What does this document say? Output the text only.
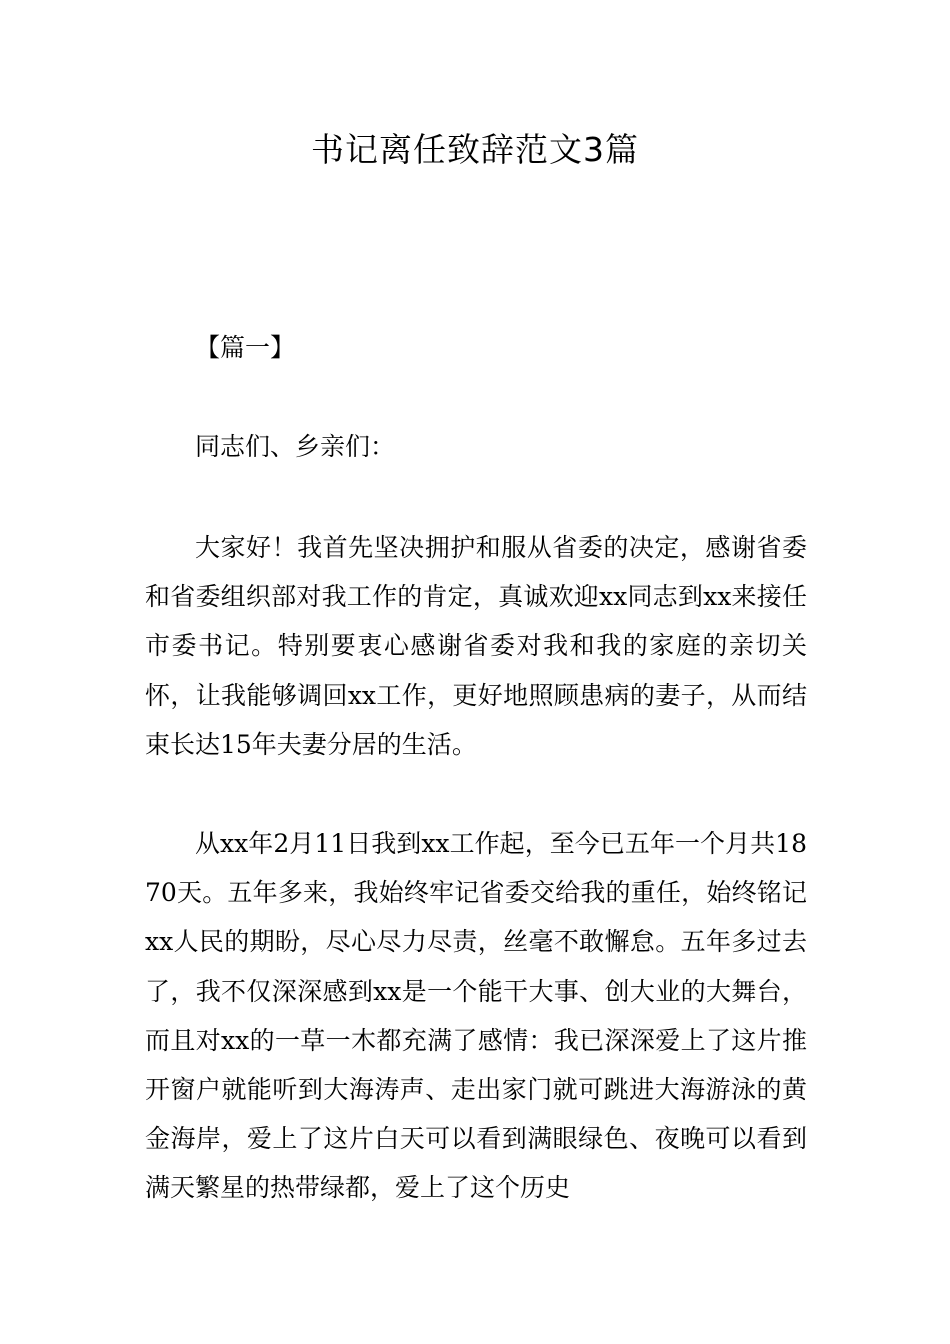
书记离任致辞范文3篇

【篇一】

同志们、乡亲们：

大家好！我首先坚决拥护和服从省委的决定，感谢省委和省委组织部对我工作的肯定，真诚欢迎xx同志到xx来接任市委书记。特别要衷心感谢省委对我和我的家庭的亲切关怀，让我能够调回xx工作，更好地照顾患病的妻子，从而结束长达15年夫妻分居的生活。

从xx年2月11日我到xx工作起，至今已五年一个月共1870天。五年多来，我始终牢记省委交给我的重任，始终铭记xx人民的期盼，尽心尽力尽责，丝毫不敢懈怠。五年多过去了，我不仅深深感到xx是一个能干大事、创大业的大舞台，而且对xx的一草一木都充满了感情：我已深深爱上了这片推开窗户就能听到大海涛声、走出家门就可跳进大海游泳的黄金海岸，爱上了这片白天可以看到满眼绿色、夜晚可以看到满天繁星的热带绿都，爱上了这个历史
